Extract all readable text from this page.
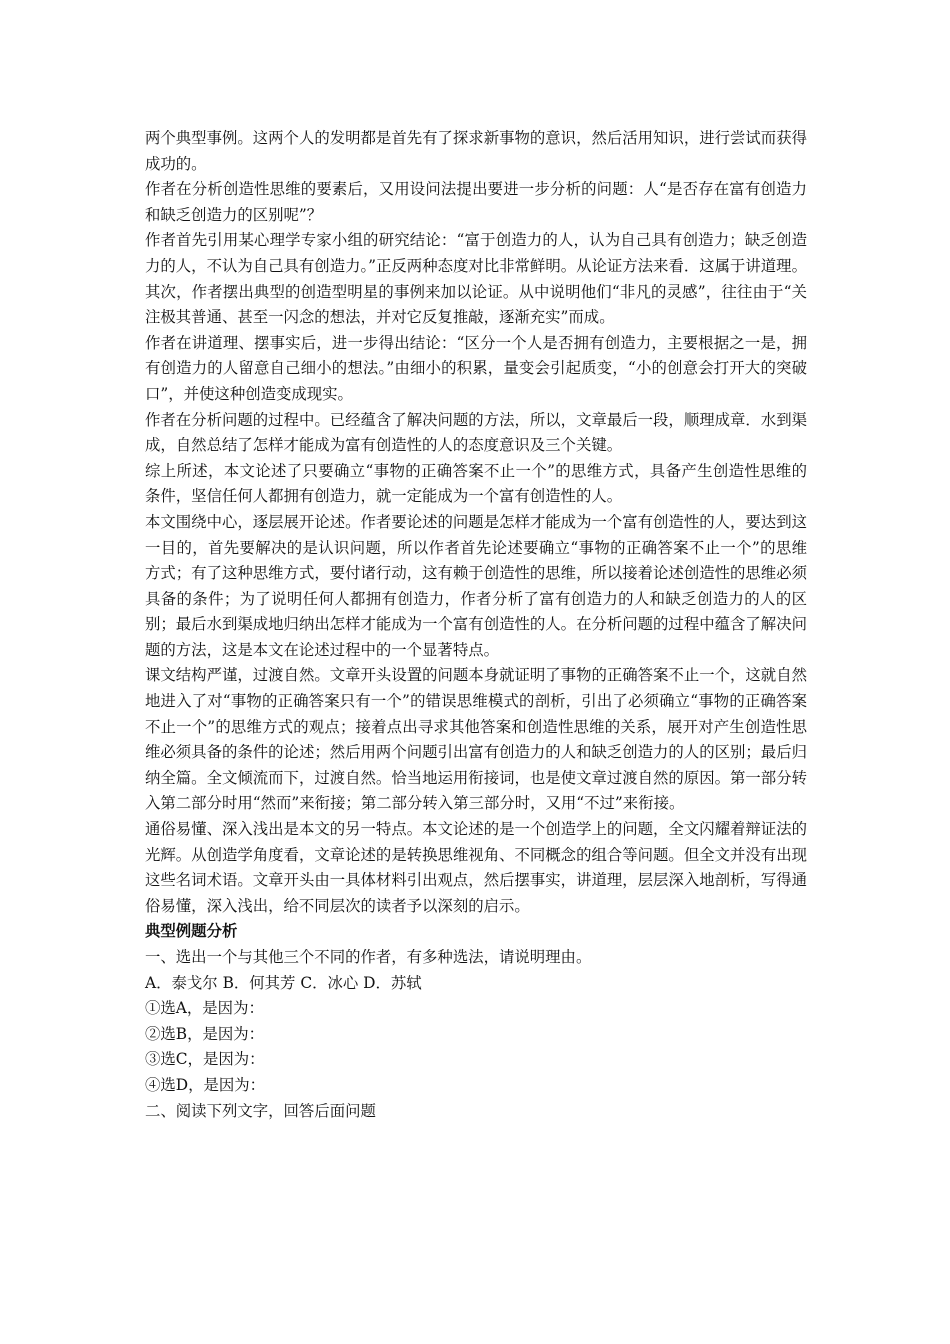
两个典型事例。这两个人的发明都是首先有了探求新事物的意识，然后活用知识，进行尝试而获得成功的。

作者在分析创造性思维的要素后，又用设问法提出要进一步分析的问题：人“是否存在富有创造力和缺乏创造力的区别呢”？

作者首先引用某心理学专家小组的研究结论：“富于创造力的人，认为自己具有创造力；缺乏创造力的人，不认为自己具有创造力。”正反两种态度对比非常鲜明。从论证方法来看．这属于讲道理。

其次，作者摆出典型的创造型明星的事例来加以论证。从中说明他们“非凡的灵感”，往往由于“关注极其普通、甚至一闪念的想法，并对它反复推敲，逐渐充实”而成。

作者在讲道理、摆事实后，进一步得出结论：“区分一个人是否拥有创造力，主要根据之一是，拥有创造力的人留意自己细小的想法。”由细小的积累，量变会引起质变，“小的创意会打开大的突破口”，并使这种创造变成现实。

作者在分析问题的过程中。已经蕴含了解决问题的方法，所以，文章最后一段，顺理成章．水到渠成，自然总结了怎样才能成为富有创造性的人的态度意识及三个关键。

综上所述，本文论述了只要确立“事物的正确答案不止一个”的思维方式，具备产生创造性思维的条件，坚信任何人都拥有创造力，就一定能成为一个富有创造性的人。

本文围绕中心，逐层展开论述。作者要论述的问题是怎样才能成为一个富有创造性的人，要达到这一目的，首先要解决的是认识问题，所以作者首先论述要确立“事物的正确答案不止一个”的思维方式；有了这种思维方式，要付诸行动，这有赖于创造性的思维，所以接着论述创造性的思维必须具备的条件；为了说明任何人都拥有创造力，作者分析了富有创造力的人和缺乏创造力的人的区别；最后水到渠成地归纳出怎样才能成为一个富有创造性的人。在分析问题的过程中蕴含了解决问题的方法，这是本文在论述过程中的一个显著特点。

课文结构严谨，过渡自然。文章开头设置的问题本身就证明了事物的正确答案不止一个，这就自然地进入了对“事物的正确答案只有一个”的错误思维模式的剖析，引出了必须确立“事物的正确答案不止一个”的思维方式的观点；接着点出寻求其他答案和创造性思维的关系，展开对产生创造性思维必须具备的条件的论述；然后用两个问题引出富有创造力的人和缺乏创造力的人的区别；最后归纳全篇。全文倾流而下，过渡自然。恰当地运用衔接词，也是使文章过渡自然的原因。第一部分转入第二部分时用“然而”来衔接；第二部分转入第三部分时，又用“不过”来衔接。

通俗易懂、深入浅出是本文的另一特点。本文论述的是一个创造学上的问题，全文闪耀着辩证法的光辉。从创造学角度看，文章论述的是转换思维视角、不同概念的组合等问题。但全文并没有出现这些名词术语。文章开头由一具体材料引出观点，然后摆事实，讲道理，层层深入地剖析，写得通俗易懂，深入浅出，给不同层次的读者予以深刻的启示。

典型例题分析

一、选出一个与其他三个不同的作者，有多种选法，请说明理由。

A．泰戈尔 B．何其芳 C．冰心 D．苏轼

①选A，是因为：

②选B，是因为：

③选C，是因为：

④选D，是因为：

二、阅读下列文字，回答后面问题
